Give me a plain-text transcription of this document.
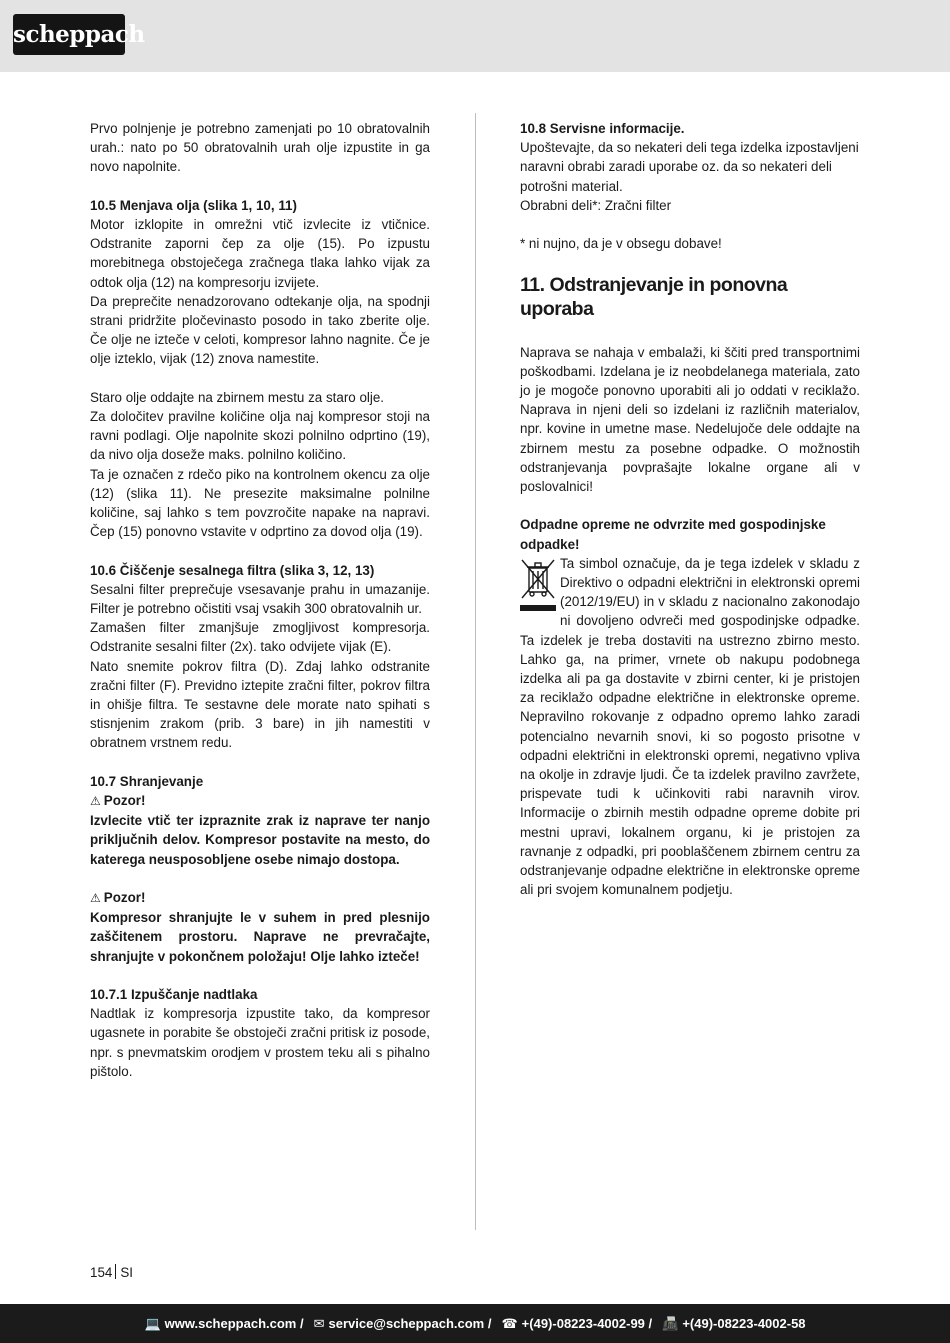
scheppach
Prvo polnjenje je potrebno zamenjati po 10 obratovalnih urah.: nato po 50 obratovalnih urah olje izpustite in ga novo napolnite.

10.5 Menjava olja (slika 1, 10, 11)

Motor izklopite in omrežni vtič izvlecite iz vtičnice. Odstranite zaporni čep za olje (15). Po izpustu morebitnega obstoječega zračnega tlaka lahko vijak za odtok olja (12) na kompresorju izvijete.

Da preprečite nenadzorovano odtekanje olja, na spodnji strani pridržite pločevinasto posodo in tako zberite olje. Če olje ne izteče v celoti, kompresor lahno nagnite. Če je olje izteklo, vijak (12) znova namestite.

Staro olje oddajte na zbirnem mestu za staro olje.

Za določitev pravilne količine olja naj kompresor stoji na ravni podlagi. Olje napolnite skozi polnilno odprtino (19), da nivo olja doseže maks. polnilno količino.

Ta je označen z rdečo piko na kontrolnem okencu za olje (12) (slika 11). Ne presezite maksimalne polnilne količine, saj lahko s tem povzročite napake na napravi. Čep (15) ponovno vstavite v odprtino za dovod olja (19).

10.6 Čiščenje sesalnega filtra (slika 3, 12, 13)

Sesalni filter preprečuje vsesavanje prahu in umazanije. Filter je potrebno očistiti vsaj vsakih 300 obratovalnih ur.

Zamašen filter zmanjšuje zmogljivost kompresorja. Odstranite sesalni filter (2x). tako odvijete vijak (E).

Nato snemite pokrov filtra (D). Zdaj lahko odstranite zračni filter (F). Previdno iztepite zračni filter, pokrov filtra in ohišje filtra. Te sestavne dele morate nato spihati s stisnjenim zrakom (prib. 3 bare) in jih namestiti v obratnem vrstnem redu.

10.7 Shranjevanje

⚠ Pozor!

Izvlecite vtič ter izpraznite zrak iz naprave ter nanjo priključnih delov. Kompresor postavite na mesto, do katerega neusposobljene osebe nimajo dostopa.

⚠ Pozor!

Kompresor shranjujte le v suhem in pred plesnijo zaščitenem prostoru. Naprave ne prevračajte, shranjujte v pokončnem položaju! Olje lahko izteče!

10.7.1 Izpuščanje nadtlaka

Nadtlak iz kompresorja izpustite tako, da kompresor ugasnete in porabite še obstoječi zračni pritisk iz posode, npr. s pnevmatskim orodjem v prostem teku ali s pihalno pištolo.

10.8 Servisne informacije.

Upoštevajte, da so nekateri deli tega izdelka izpostavljeni naravni obrabi zaradi uporabe oz. da so nekateri deli potrošni material.

Obrabni deli*: Zračni filter

* ni nujno, da je v obsegu dobave!
11. Odstranjevanje in ponovna uporaba
Naprava se nahaja v embalaži, ki ščiti pred transportnimi poškodbami. Izdelana je iz neobdelanega materiala, zato jo je mogoče ponovno uporabiti ali jo oddati v reciklažo. Naprava in njeni deli so izdelani iz različnih materialov, npr. kovine in umetne mase. Nedelujoče dele oddajte na zbirnem mestu za posebne odpadke. O možnostih odstranjevanja povprašajte lokalne organe ali v poslovalnici!

Odpadne opreme ne odvrzite med gospodinjske odpadke!

Ta simbol označuje, da je tega izdelek v skladu z Direktivo o odpadni električni in elektronski opremi (2012/19/EU) in v skladu z nacionalno zakonodajo ni dovoljeno odvreči med gospodinjske odpadke. Ta izdelek je treba dostaviti na ustrezno zbirno mesto. Lahko ga, na primer, vrnete ob nakupu podobnega izdelka ali pa ga dostavite v zbirni center, ki je pristojen za reciklažo odpadne električne in elektronske opreme. Nepravilno rokovanje z odpadno opremo lahko zaradi potencialno nevarnih snovi, ki so pogosto prisotne v odpadni električni in elektronski opremi, negativno vpliva na okolje in zdravje ljudi. Če ta izdelek pravilno zavržete, prispevate tudi k učinkoviti rabi naravnih virov. Informacije o zbirnih mestih odpadne opreme dobite pri mestni upravi, lokalnem organu, ki je pristojen za ravnanje z odpadki, pri pooblaščenem zbirnem centru za odstranjevanje odpadne električne in elektronske opreme ali pri svojem komunalnem podjetju.
154 SI
💻 www.scheppach.com / ✉ service@scheppach.com / ☎ +(49)-08223-4002-99 / 📠 +(49)-08223-4002-58
